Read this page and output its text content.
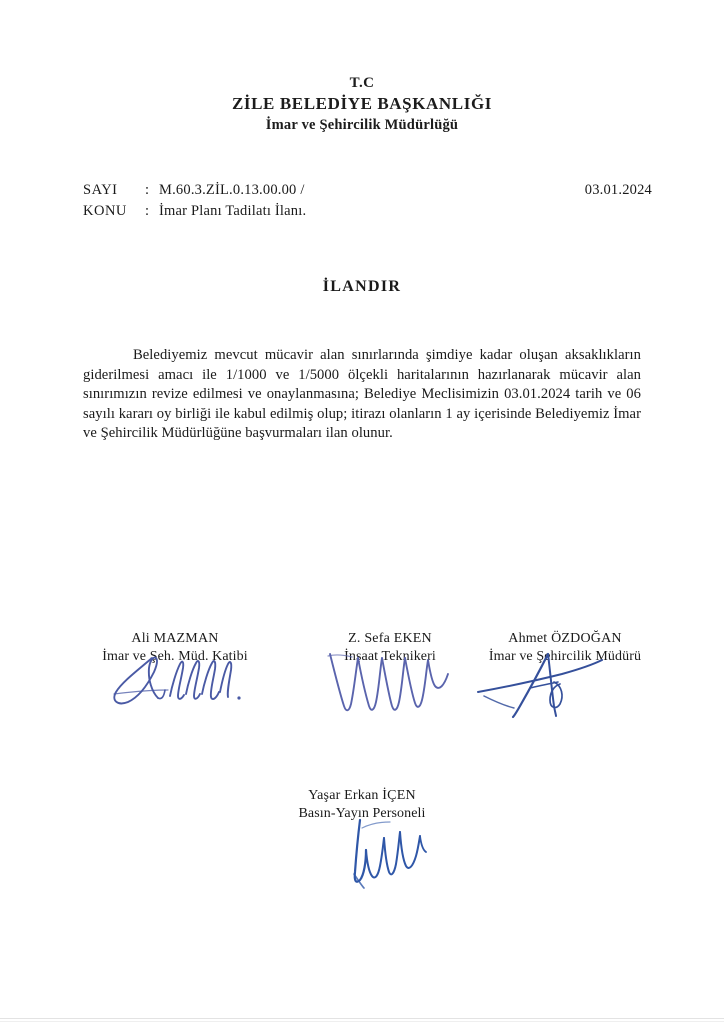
T.C
ZİLE BELEDİYE BAŞKANLIĞI
İmar ve Şehircilik Müdürlüğü
SAYI	: M.60.3.ZİL.0.13.00.00 /
KONU	: İmar Planı Tadilatı İlanı.
03.01.2024
İLANDIR
Belediyemiz mevcut mücavir alan sınırlarında şimdiye kadar oluşan aksaklıkların giderilmesi amacı ile 1/1000 ve 1/5000 ölçekli haritalarının hazırlanarak mücavir alan sınırımızın revize edilmesi ve onaylanmasına; Belediye Meclisimizin 03.01.2024 tarih ve 06 sayılı kararı oy birliği ile kabul edilmiş olup; itirazı olanların 1 ay içerisinde Belediyemiz İmar ve Şehircilik Müdürlüğüne başvurmaları ilan olunur.
Ali MAZMAN
İmar ve Şeh. Müd. Katibi
Z. Sefa EKEN
İnşaat Teknikeri
Ahmet ÖZDOĞAN
İmar ve Şehircilik Müdürü
Yaşar Erkan İÇEN
Basın-Yayın Personeli
